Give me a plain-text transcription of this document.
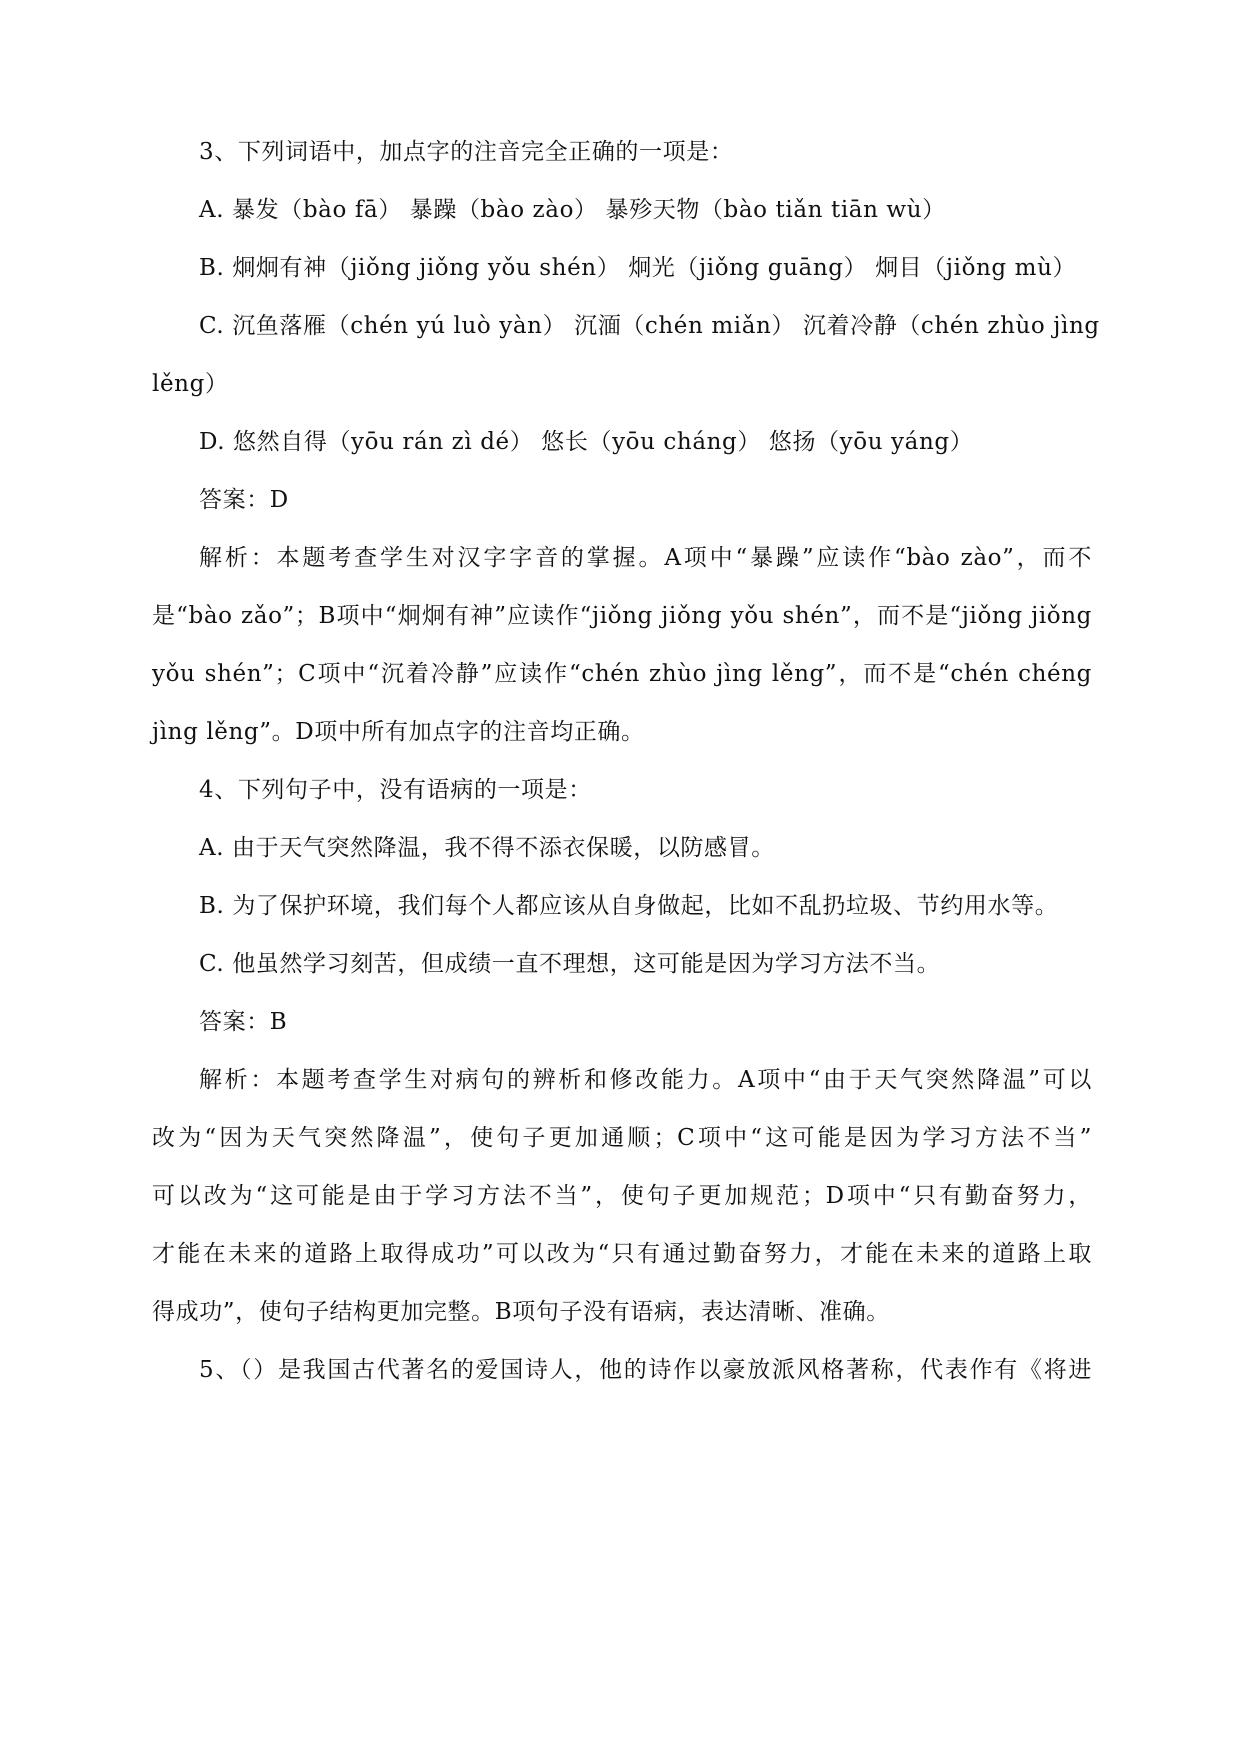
3、下列词语中，加点字的注音完全正确的一项是：

A. 暴发（bào fā） 暴躁（bào zào） 暴殄天物（bào tiǎn tiān wù）

B. 炯炯有神（jiǒng jiǒng yǒu shén） 炯光（jiǒng guāng） 炯目（jiǒng mù）

C. 沉鱼落雁（chén yú luò yàn） 沉湎（chén miǎn） 沉着冷静（chén zhùo jìng

lěng）

D. 悠然自得（yōu rán zì dé） 悠长（yōu cháng） 悠扬（yōu yáng）

答案：D

解析：本题考查学生对汉字字音的掌握。A项中“暴躁”应读作“bào zào”，而不

是“bào zǎo”；B项中“炯炯有神”应读作“jiǒng jiǒng yǒu shén”，而不是“jiǒng jiǒng

yǒu shén”；C项中“沉着冷静”应读作“chén zhùo jìng lěng”，而不是“chén chéng

jìng lěng”。D项中所有加点字的注音均正确。

4、下列句子中，没有语病的一项是：

A. 由于天气突然降温，我不得不添衣保暖，以防感冒。

B. 为了保护环境，我们每个人都应该从自身做起，比如不乱扔垃圾、节约用水等。

C. 他虽然学习刻苦，但成绩一直不理想，这可能是因为学习方法不当。

答案：B

解析：本题考查学生对病句的辨析和修改能力。A项中“由于天气突然降温”可以

改为“因为天气突然降温”，使句子更加通顺；C项中“这可能是因为学习方法不当”

可以改为“这可能是由于学习方法不当”，使句子更加规范；D项中“只有勤奋努力，

才能在未来的道路上取得成功”可以改为“只有通过勤奋努力，才能在未来的道路上取

得成功”，使句子结构更加完整。B项句子没有语病，表达清晰、准确。

5、（）是我国古代著名的爱国诗人，他的诗作以豪放派风格著称，代表作有《将进
